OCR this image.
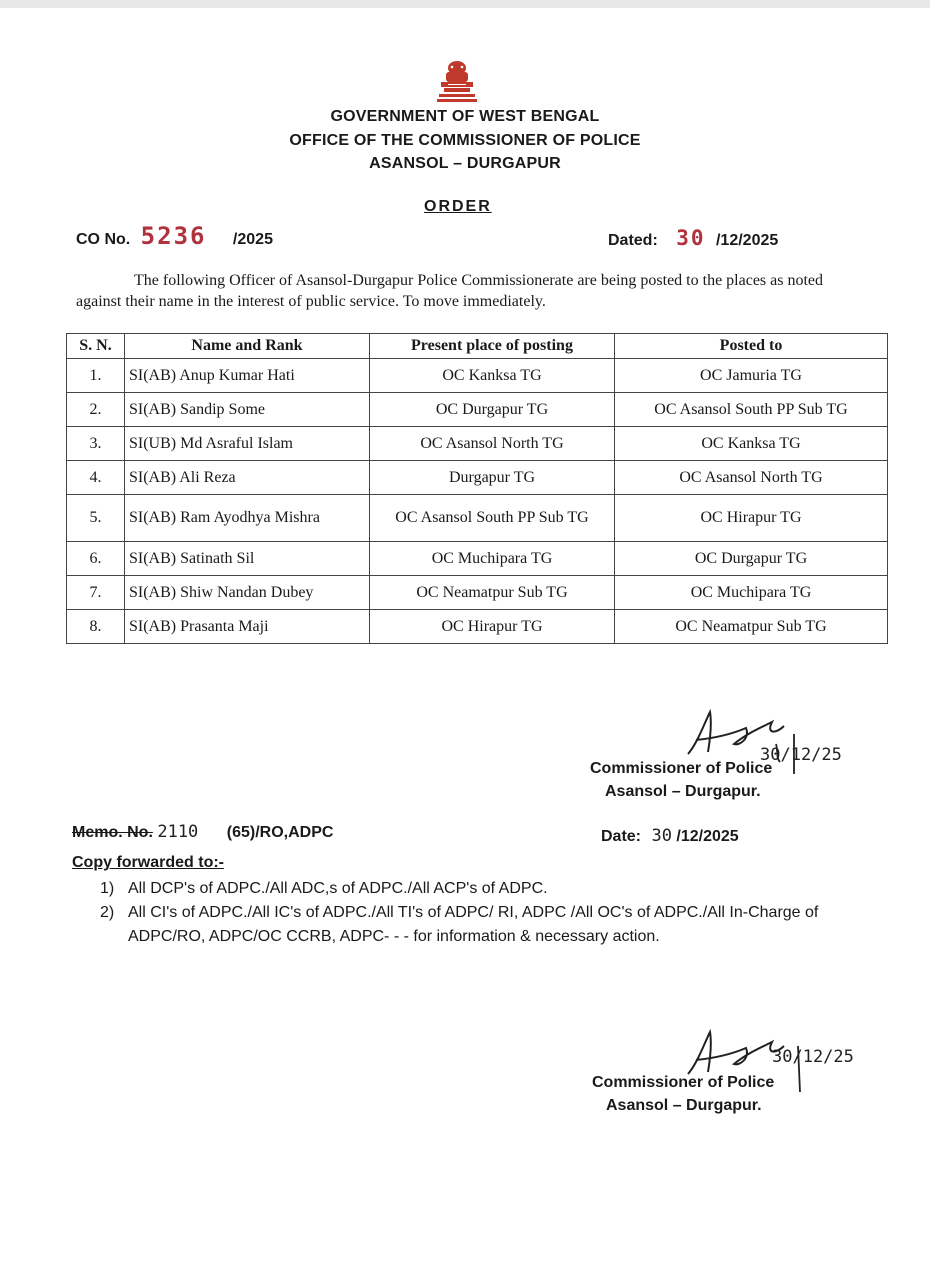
GOVERNMENT OF WEST BENGAL
OFFICE OF THE COMMISSIONER OF POLICE
ASANSOL – DURGAPUR
ORDER
CO No. 5236 /2025	Dated: 30 /12/2025
The following Officer of Asansol-Durgapur Police Commissionerate are being posted to the places as noted against their name in the interest of public service. To move immediately.
S. N.	Name and Rank	Present place of posting	Posted to
1.	SI(AB) Anup Kumar Hati	OC Kanksa TG	OC Jamuria TG
2.	SI(AB) Sandip Some	OC Durgapur TG	OC Asansol South PP Sub TG
3.	SI(UB) Md Asraful Islam	OC Asansol North TG	OC Kanksa TG
4.	SI(AB) Ali Reza	Durgapur TG	OC Asansol North TG
5.	SI(AB) Ram Ayodhya Mishra	OC Asansol South PP Sub TG	OC Hirapur TG
6.	SI(AB) Satinath Sil	OC Muchipara TG	OC Durgapur TG
7.	SI(AB) Shiw Nandan Dubey	OC Neamatpur Sub TG	OC Muchipara TG
8.	SI(AB) Prasanta Maji	OC Hirapur TG	OC Neamatpur Sub TG
30/12/25
Commissioner of Police
Asansol – Durgapur.
Memo. No. 2110 (65)/RO,ADPC	Date: 30 /12/2025
Copy forwarded to:-
1) All DCP's of ADPC./All ADC,s of ADPC./All ACP's of ADPC.
2) All CI's of ADPC./All IC's of ADPC./All TI's of ADPC/ RI, ADPC /All OC's of ADPC./All In-Charge of ADPC/RO, ADPC/OC CCRB, ADPC- - - for information & necessary action.
30/12/25
Commissioner of Police
Asansol – Durgapur.
